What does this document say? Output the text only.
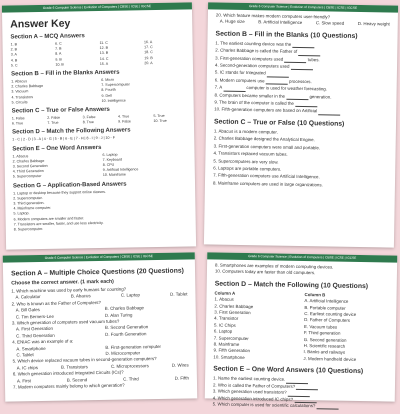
Grade 6 Computer Science | Evolution of Computers | CBSE | ICSE | IGCSE
Answer Key
Section A – MCQ Answers
1. B	6. C	11. C	16. A
2. B	7. B	12. B	17. C
3. A	8. A	13. B	18. C
4. B	9. B	14. C	19. B
5. C	10. B	15. A	20. A
Section B – Fill in the Blanks Answers
1. Abacus	6. Micro
2. Charles Babbage	7. Supercomputer
3. Vacuum	8. Fourth
4. Transistors	9. Dell
5. Circuits	10. Intelligence
Section C – True or False Answers
1. False	2. False	3. False	4. True	5. True
6. True	7. True	8. True	9. False	10. True
Section D – Match the Following Answers
1 - C | 2 - D | 3 - A | 4 - G | 5 - B | 6 - E | 7 - H | 8 - I | 9 - J | 10 - F
Section E – One Word Answers
1. Abacus	6. Laptop
2. Charles Babbage	7. Keyboard
3. Second Generation	8. CPU
4. Third Generation	9. Artificial Intelligence
5. Supercomputer	10. Mainframe
Section G – Application-Based Answers
1. Laptop or desktop because they support online classes.
2. Supercomputer.
3. Third generation.
4. Mainframe computer.
5. Laptop.
6. Modern computers are smaller and faster.
7. Transistors are smaller, faster, and use less electricity.
8. Supercomputer.
Grade 6 Computer Science | Evolution of Computers | CBSE | ICSE | IGCSE
20. Which feature makes modern computers user-friendly?
A. Huge size	B. Artificial Intelligence	C. Slow speed	D. Heavy weight
Section B – Fill in the Blanks (10 Questions)
1. The earliest counting device was the
2. Charles Babbage is called the Father of
3. First-generation computers used	tubes.
4. Second-generation computers used
5. IC stands for Integrated
6. Modern computers use	processors.
7. A	computer is used for weather forecasting.
8. Computers became smaller in the	generation.
9. The brain of the computer is called the
10. Fifth-generation computers are based on Artificial
Section C – True or False (10 Questions)
1. Abacus is a modern computer.
2. Charles Babbage designed the Analytical Engine.
3. First-generation computers were small and portable.
4. Transistors replaced vacuum tubes.
5. Supercomputers are very slow.
6. Laptops are portable computers.
7. Fifth-generation computers use Artificial Intelligence.
8. Mainframe computers are used in large organizations.
Grade 6 Computer Science | Evolution of Computers | CBSE | ICSE | IGCSE
Section A – Multiple Choice Questions (20 Questions)
Choose the correct answer. (1 mark each)
1. Which machine was used by early humans for counting?
A. Calculator	B. Abacus	C. Laptop	D. Tablet
2. Who is known as the Father of Computers?
A. Bill Gates	B. Charles Babbage
C. Tim Berners-Lee	D. Alan Turing
3. Which generation of computers used vacuum tubes?
A. First Generation	B. Second Generation
C. Third Generation	D. Fourth Generation
4. ENIAC was an example of a:
A. Smartphone	B. First-generation computer
C. Tablet	D. Microcomputer
5. Which device replaced vacuum tubes in second-generation computers?
A. IC chips	B. Transistors	C. Microprocessors	D. Wires
6. Which generation introduced Integrated Circuits (ICs)?
A. First	B. Second	C. Third	D. Fifth
7. Modern computers mainly belong to which generation?
Grade 6 Computer Science | Evolution of Computers | CBSE | ICSE | IGCSE
8. Smartphones are examples of modern computing devices.
10. Computers today are faster than old computers.
Section D – Match the Following (10 Questions)
Column A	Column B
1. Abacus	A. Artificial Intelligence
2. Charles Babbage	B. Portable computer
3. First Generation	C. Earliest counting device
4. Transistor	D. Father of Computers
5. IC Chips	E. Vacuum tubes
6. Laptop	F. Third generation
7. Supercomputer	G. Second generation
8. Mainframe	H. Scientific research
9. Fifth Generation	I. Banks and railways
10. Smartphone	J. Modern handheld device
Section E – One Word Answers (10 Questions)
1. Name the earliest counting device.
2. Who is called the Father of Computers?
3. Which generation used transistors?
4. Which generation introduced IC chips?
5. Which computer is used for scientific calculations?
